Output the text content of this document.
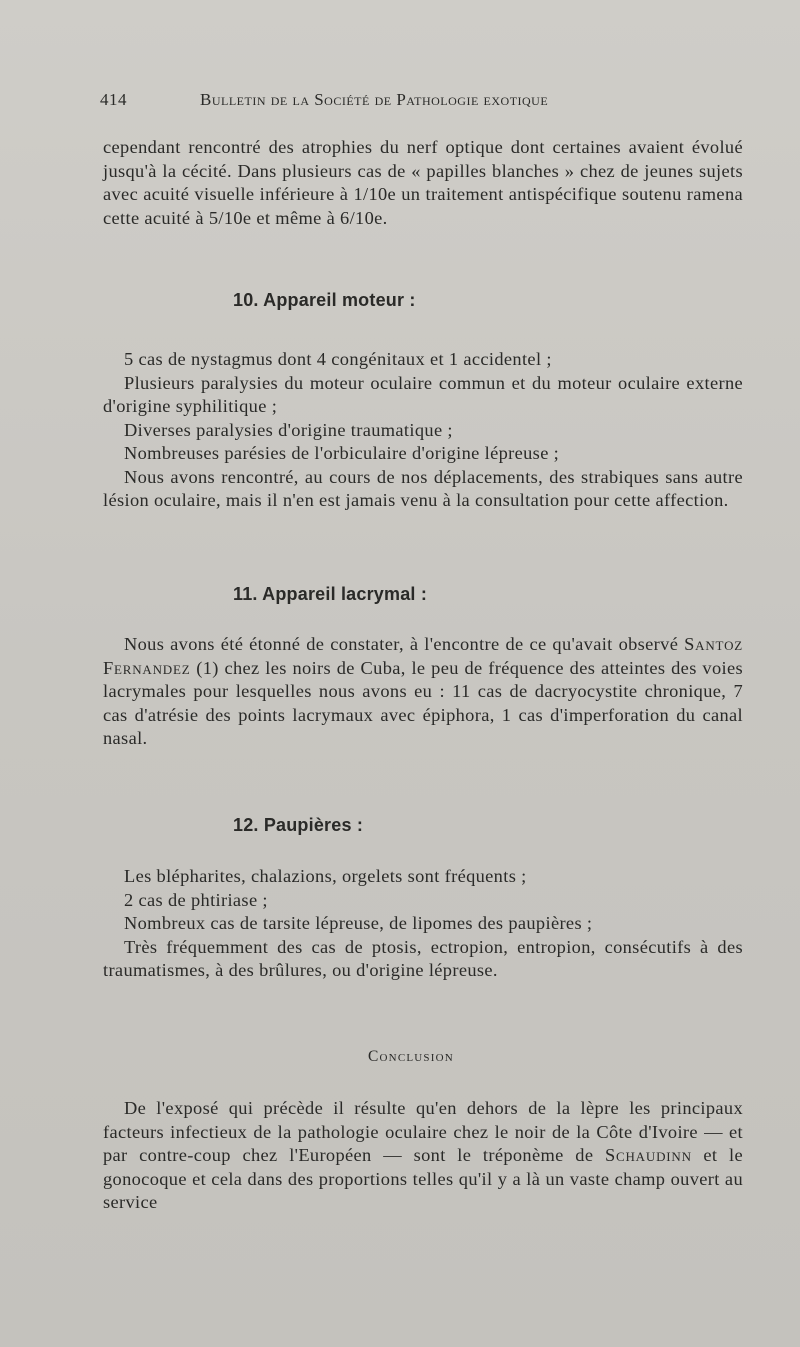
414	Bulletin de la Société de Pathologie exotique

cependant rencontré des atrophies du nerf optique dont certaines avaient évolué jusqu'à la cécité. Dans plusieurs cas de « papilles blanches » chez de jeunes sujets avec acuité visuelle inférieure à 1/10e un traitement antispécifique soutenu ramena cette acuité à 5/10e et même à 6/10e.

10. Appareil moteur :

5 cas de nystagmus dont 4 congénitaux et 1 accidentel ;

Plusieurs paralysies du moteur oculaire commun et du moteur oculaire externe d'origine syphilitique ;

Diverses paralysies d'origine traumatique ;

Nombreuses parésies de l'orbiculaire d'origine lépreuse ;

Nous avons rencontré, au cours de nos déplacements, des strabiques sans autre lésion oculaire, mais il n'en est jamais venu à la consultation pour cette affection.

11. Appareil lacrymal :

Nous avons été étonné de constater, à l'encontre de ce qu'avait observé Santoz Fernandez (1) chez les noirs de Cuba, le peu de fréquence des atteintes des voies lacrymales pour lesquelles nous avons eu : 11 cas de dacryocystite chronique, 7 cas d'atrésie des points lacrymaux avec épiphora, 1 cas d'imperforation du canal nasal.

12. Paupières :

Les blépharites, chalazions, orgelets sont fréquents ;

2 cas de phtiriase ;

Nombreux cas de tarsite lépreuse, de lipomes des paupières ;

Très fréquemment des cas de ptosis, ectropion, entropion, consécutifs à des traumatismes, à des brûlures, ou d'origine lépreuse.

Conclusion

De l'exposé qui précède il résulte qu'en dehors de la lèpre les principaux facteurs infectieux de la pathologie oculaire chez le noir de la Côte d'Ivoire — et par contre-coup chez l'Européen — sont le tréponème de Schaudinn et le gonocoque et cela dans des proportions telles qu'il y a là un vaste champ ouvert au service
